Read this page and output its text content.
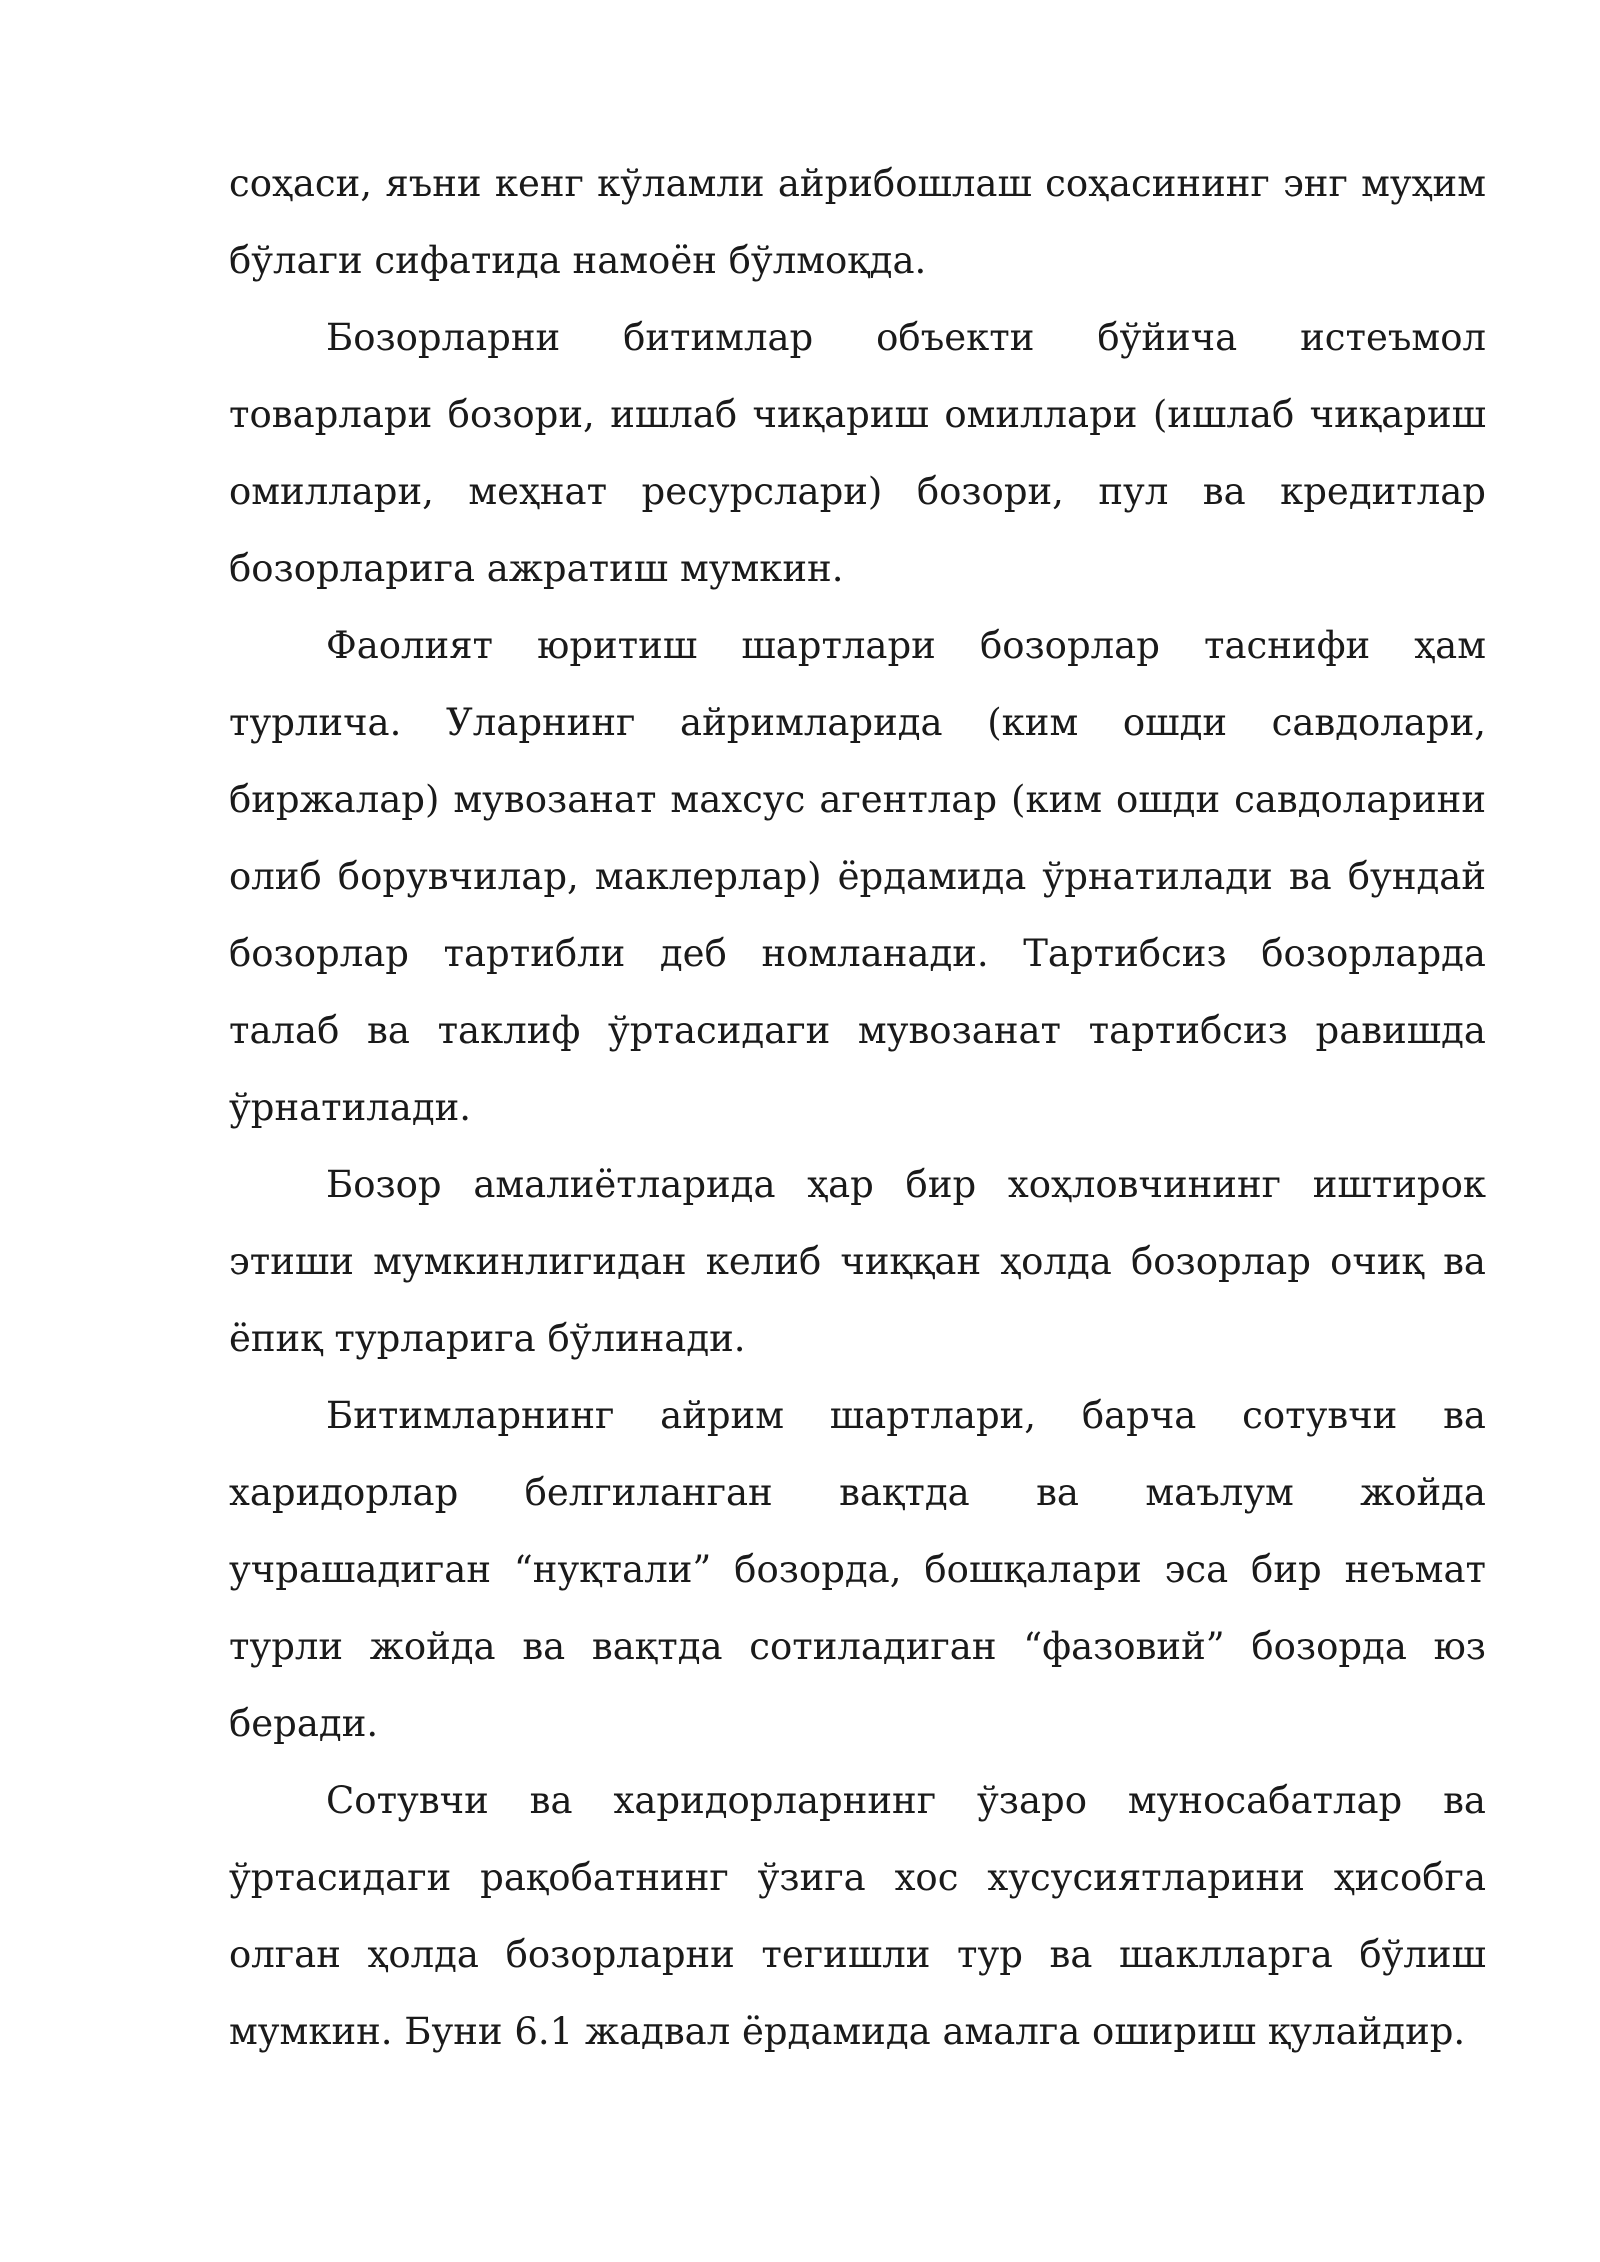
соҳаси, яъни кенг кўламли айрибошлаш соҳасининг энг муҳим бўлаги сифатида намоён бўлмоқда.

Бозорларни битимлар объекти бўйича истеъмол товарлари бозори, ишлаб чиқариш омиллари (ишлаб чиқариш омиллари, меҳнат ресурслари) бозори, пул ва кредитлар бозорларига ажратиш мумкин.

Фаолият юритиш шартлари бозорлар таснифи ҳам турлича. Уларнинг айримларида (ким ошди савдолари, биржалар) мувозанат махсус агентлар (ким ошди савдоларини олиб борувчилар, маклерлар) ёрдамида ўрнатилади ва бундай бозорлар тартибли деб номланади. Тартибсиз бозорларда талаб ва таклиф ўртасидаги мувозанат тартибсиз равишда ўрнатилади.

Бозор амалиётларида ҳар бир хоҳловчининг иштирок этиши мумкинлигидан келиб чиққан ҳолда бозорлар очиқ ва ёпиқ турларига бўлинади.

Битимларнинг айрим шартлари, барча сотувчи ва харидорлар белгиланган вақтда ва маълум жойда учрашадиган “нуқтали” бозорда, бошқалари эса бир неъмат турли жойда ва вақтда сотиладиган “фазовий” бозорда юз беради.

Сотувчи ва харидорларнинг ўзаро муносабатлар ва ўртасидаги рақобатнинг ўзига хос хусусиятларини ҳисобга олган ҳолда бозорларни тегишли тур ва шаклларга бўлиш мумкин. Буни 6.1 жадвал ёрдамида амалга ошириш қулайдир.
